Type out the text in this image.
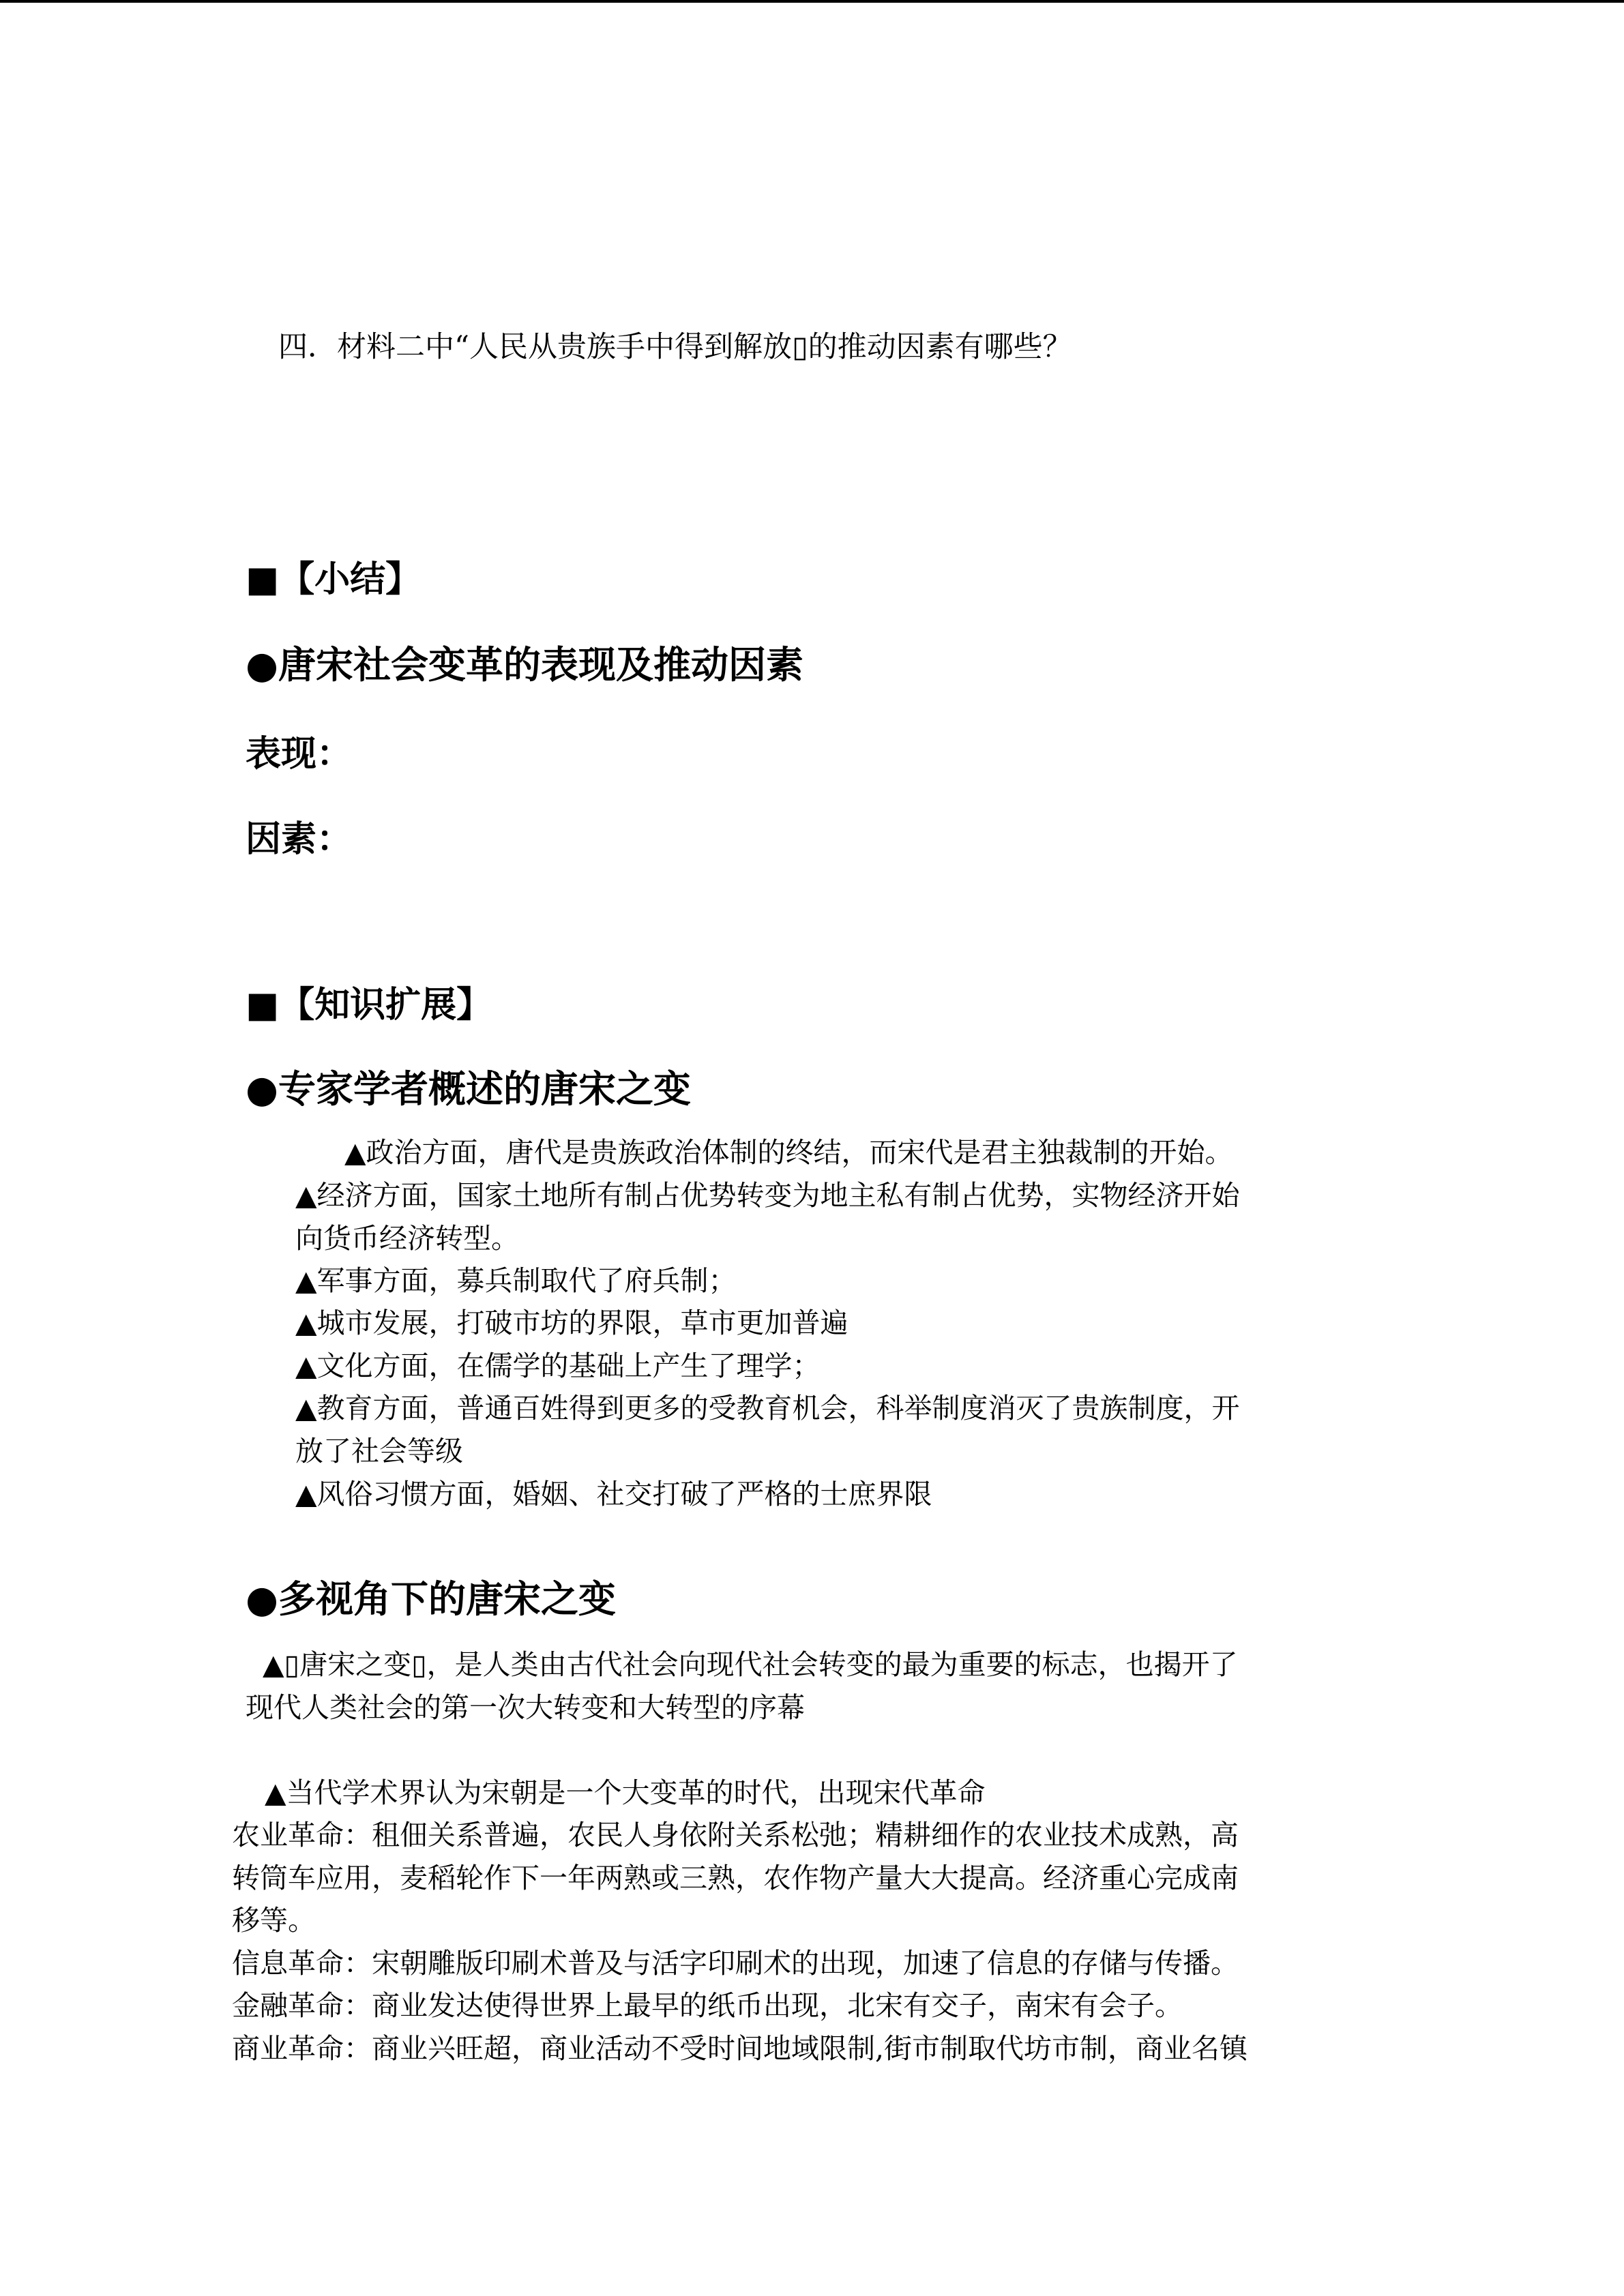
四．材料二中“人民从贵族手中得到解放▯的推动因素有哪些？
■【小结】
●唐宋社会变革的表现及推动因素
表现：
因素：
■【知识扩展】
●专家学者概述的唐宋之变
▲政治方面，唐代是贵族政治体制的终结，而宋代是君主独裁制的开始。
▲经济方面，国家土地所有制占优势转变为地主私有制占优势，实物经济开始
向货币经济转型。
▲军事方面，募兵制取代了府兵制；
▲城市发展，打破市坊的界限，草市更加普遍
▲文化方面，在儒学的基础上产生了理学；
▲教育方面，普通百姓得到更多的受教育机会，科举制度消灭了贵族制度，开
放了社会等级
▲风俗习惯方面，婚姻、社交打破了严格的士庶界限
●多视角下的唐宋之变
▲▯唐宋之变▯，是人类由古代社会向现代社会转变的最为重要的标志，也揭开了
现代人类社会的第一次大转变和大转型的序幕
▲当代学术界认为宋朝是一个大变革的时代，出现宋代革命
农业革命：租佃关系普遍，农民人身依附关系松弛；精耕细作的农业技术成熟，高
转筒车应用，麦稻轮作下一年两熟或三熟，农作物产量大大提高。经济重心完成南
移等。
信息革命：宋朝雕版印刷术普及与活字印刷术的出现，加速了信息的存储与传播。
金融革命：商业发达使得世界上最早的纸币出现，北宋有交子，南宋有会子。
商业革命：商业兴旺超，商业活动不受时间地域限制,街市制取代坊市制，商业名镇
